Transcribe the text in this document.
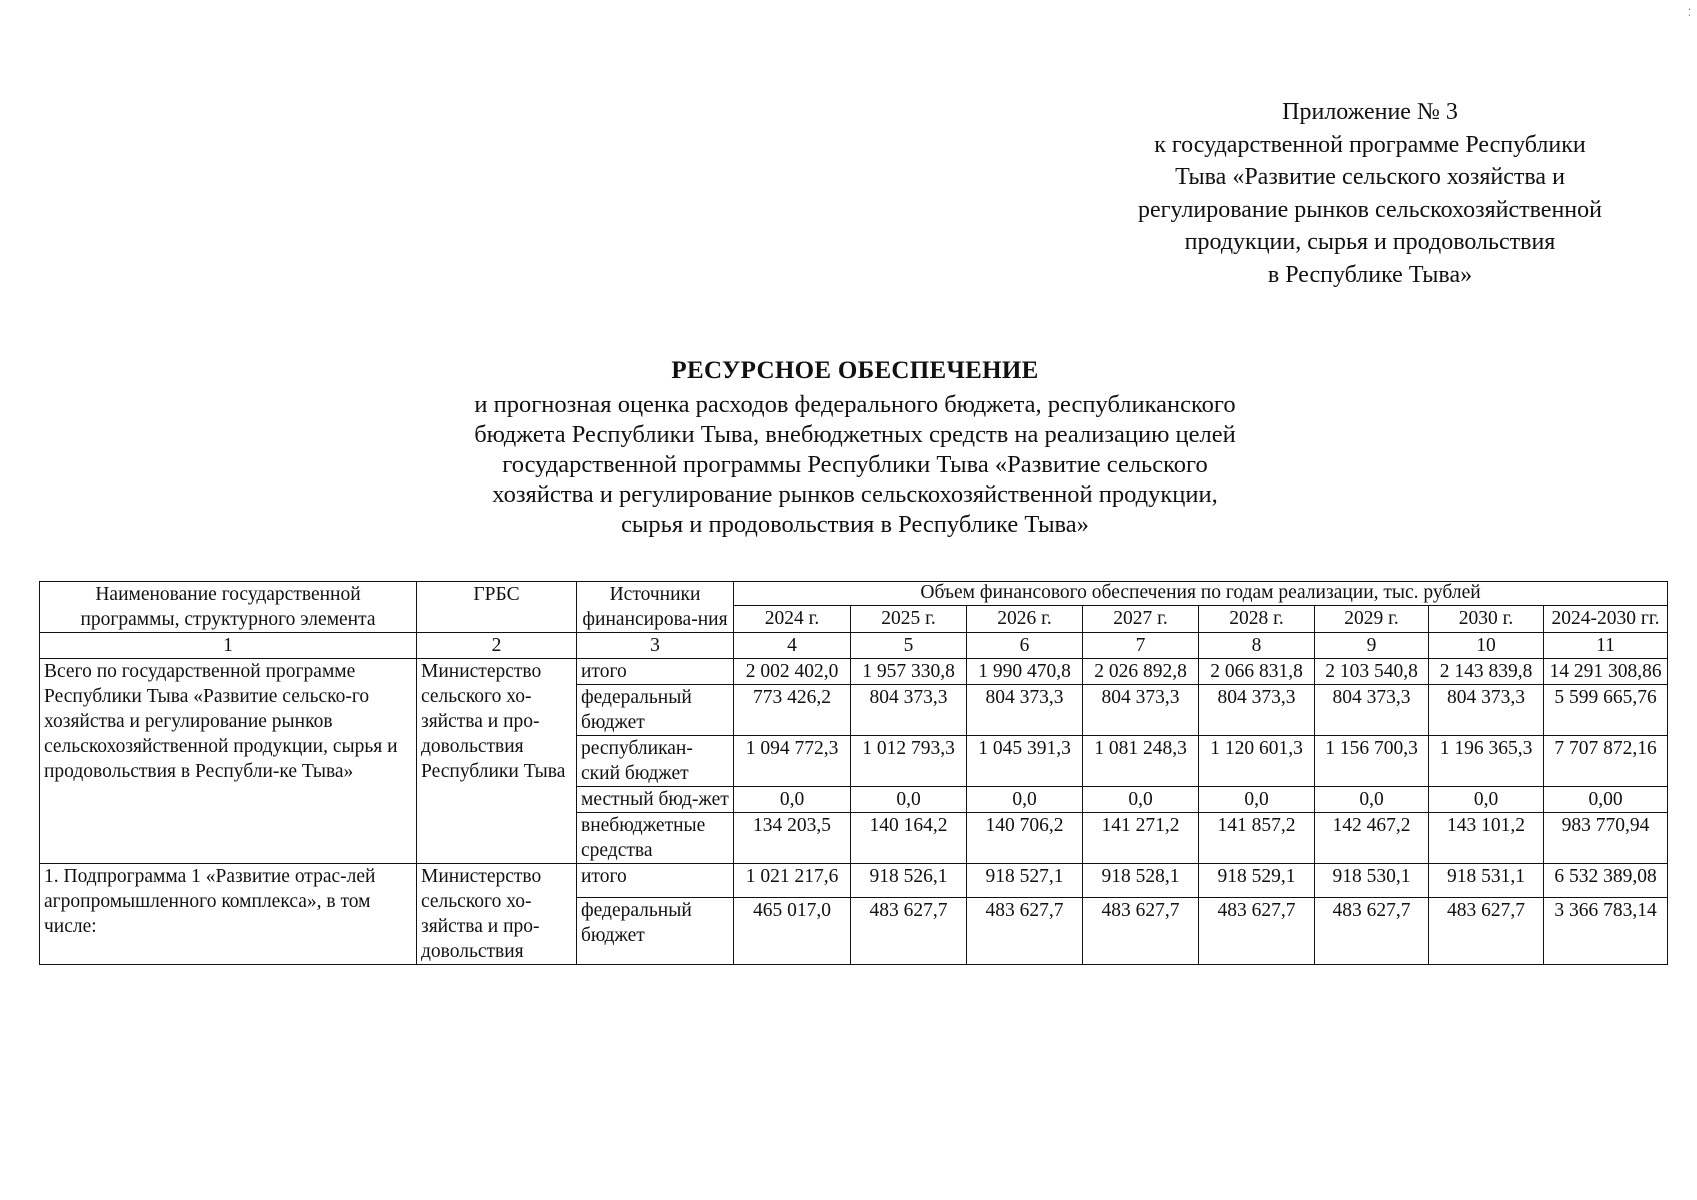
⁚
Приложение № 3
к государственной программе Республики
Тыва «Развитие сельского хозяйства и
регулирование рынков сельскохозяйственной
продукции, сырья и продовольствия
в Республике Тыва»
РЕСУРСНОЕ ОБЕСПЕЧЕНИЕ
и прогнозная оценка расходов федерального бюджета, республиканского
бюджета Республики Тыва, внебюджетных средств на реализацию целей
государственной программы Республики Тыва «Развитие сельского
хозяйства и регулирование рынков сельскохозяйственной продукции,
сырья и продовольствия в Республике Тыва»
Наименование государственной программы, структурного элемента	ГРБС	Источники финансирова-ния	Объем финансового обеспечения по годам реализации, тыс. рублей							
			2024 г.	2025 г.	2026 г.	2027 г.	2028 г.	2029 г.	2030 г.	2024-2030 гг.
1	2	3	4	5	6	7	8	9	10	11
Всего по государственной программе Республики Тыва «Развитие сельско-го хозяйства и регулирование рынков сельскохозяйственной продукции, сырья и продовольствия в Республи-ке Тыва»	Министерство сельского хо-зяйства и про-довольствия Республики Тыва	итого	2 002 402,0	1 957 330,8	1 990 470,8	2 026 892,8	2 066 831,8	2 103 540,8	2 143 839,8	14 291 308,86
		федеральный бюджет	773 426,2	804 373,3	804 373,3	804 373,3	804 373,3	804 373,3	804 373,3	5 599 665,76
		республикан-ский бюджет	1 094 772,3	1 012 793,3	1 045 391,3	1 081 248,3	1 120 601,3	1 156 700,3	1 196 365,3	7 707 872,16
		местный бюд-жет	0,0	0,0	0,0	0,0	0,0	0,0	0,0	0,00
		внебюджетные средства	134 203,5	140 164,2	140 706,2	141 271,2	141 857,2	142 467,2	143 101,2	983 770,94
1. Подпрограмма 1 «Развитие отрас-лей агропромышленного комплекса», в том числе:	Министерство сельского хо-зяйства и про-довольствия	итого	1 021 217,6	918 526,1	918 527,1	918 528,1	918 529,1	918 530,1	918 531,1	6 532 389,08
		федеральный бюджет	465 017,0	483 627,7	483 627,7	483 627,7	483 627,7	483 627,7	483 627,7	3 366 783,14
